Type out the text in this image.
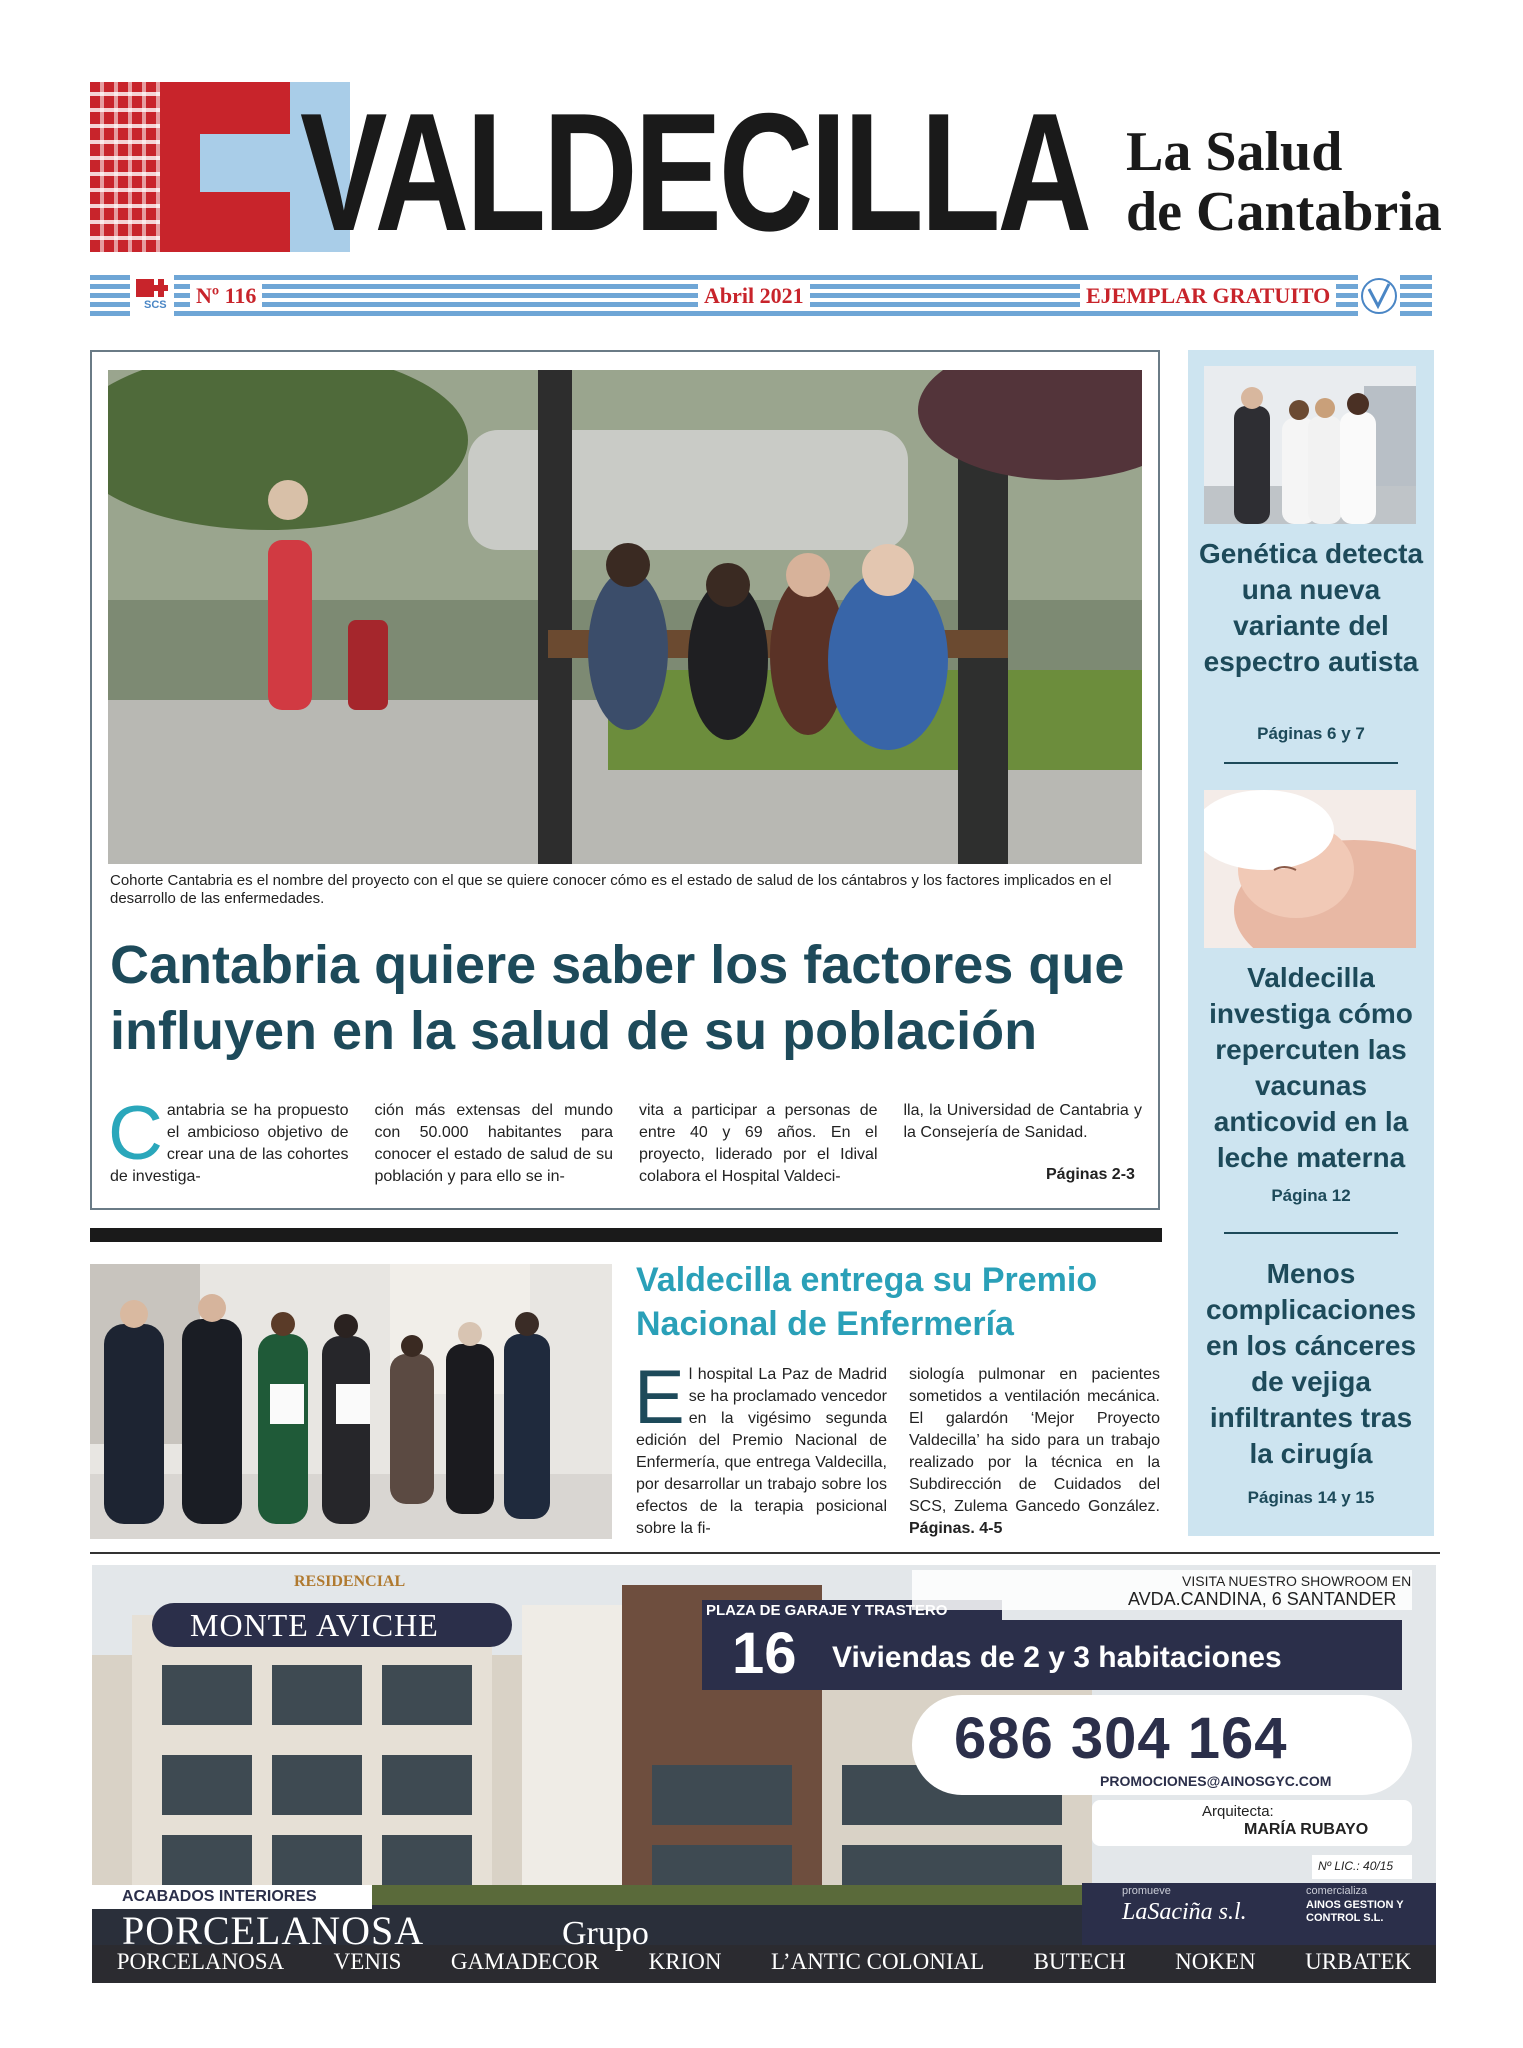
VALDECILLA La Salud
de Cantabria
SCS Nº 116	Abril 2021	EJEMPLAR GRATUITO
Cohorte Cantabria es el nombre del proyecto con el que se quiere conocer cómo es el estado de salud de los cántabros y los factores implicados en el desarrollo de las enfermedades.
Cantabria quiere saber los factores que influyen en la salud de su población
Cantabria se ha propuesto el ambicioso objetivo de crear una de las cohortes de investiga-
ción más extensas del mundo con 50.000 habitantes para conocer el estado de salud de su población y para ello se in-
vita a participar a personas de entre 40 y 69 años. En el proyecto, liderado por el Idival colabora el Hospital Valdeci-
lla, la Universidad de Cantabria y la Consejería de Sanidad.
Páginas 2-3
Valdecilla entrega su Premio Nacional de Enfermería
El hospital La Paz de Madrid se ha proclamado vencedor en la vigésimo segunda edición del Premio Nacional de Enfermería, que entrega Valdecilla, por desarrollar un trabajo sobre los efectos de la terapia posicional sobre la fi-
siología pulmonar en pacientes sometidos a ventilación mecánica. El galardón ‘Mejor Proyecto Valdecilla’ ha sido para un trabajo realizado por la técnica en la Subdirección de Cuidados del SCS, Zulema Gancedo González. Páginas. 4-5
Genética detecta una nueva variante del espectro autista
Páginas 6 y 7
Valdecilla investiga cómo repercuten las vacunas anticovid en la leche materna
Página 12
Menos complicaciones en los cánceres de vejiga infiltrantes tras la cirugía
Páginas 14 y 15
RESIDENCIAL
MONTE AVICHE	PLAZA DE GARAJE Y TRASTERO
16 Viviendas de 2 y 3 habitaciones
VISITA NUESTRO SHOWROOM EN
AVDA.CANDINA, 6 SANTANDER
686 304 164
PROMOCIONES@AINOSGYC.COM
Arquitecta:
MARÍA RUBAYO
Nº LIC.: 40/15
ACABADOS INTERIORES
PORCELANOSA	Grupo
promueve
LaSaciña s.l.
comercializa
AINOS GESTION Y CONTROL S.L.
PORCELANOSA VENIS GAMADECOR KRION L’ANTIC COLONIAL BUTECH NOKEN URBATEK
